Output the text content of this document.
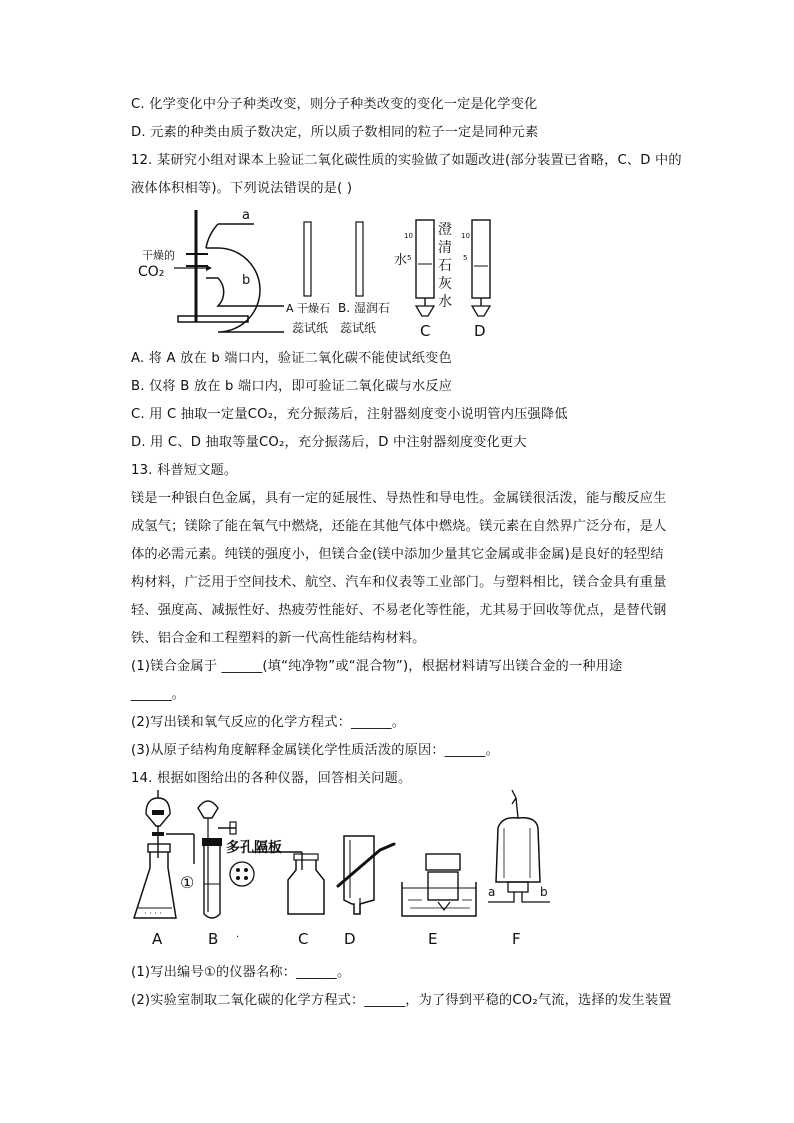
C. 化学变化中分子种类改变，则分子种类改变的变化一定是化学变化
D. 元素的种类由质子数决定，所以质子数相同的粒子一定是同种元素
12. 某研究小组对课本上验证二氧化碳性质的实验做了如题改进(部分装置已省略，C、D 中的
液体体积相等)。下列说法错误的是( )
干燥的
CO₂
a
b
A 干燥石
蕊试纸
B. 湿润石
蕊试纸
10
5
水
澄
清
石
灰
水
C
10
5
D
A. 将 A 放在 b 端口内，验证二氧化碳不能使试纸变色
B. 仅将 B 放在 b 端口内，即可验证二氧化碳与水反应
C. 用 C 抽取一定量CO₂，充分振荡后，注射器刻度变小说明管内压强降低
D. 用 C、D 抽取等量CO₂，充分振荡后，D 中注射器刻度变化更大
13. 科普短文题。
镁是一种银白色金属，具有一定的延展性、导热性和导电性。金属镁很活泼，能与酸反应生
成氢气；镁除了能在氧气中燃烧，还能在其他气体中燃烧。镁元素在自然界广泛分布，是人
体的必需元素。纯镁的强度小，但镁合金(镁中添加少量其它金属或非金属)是良好的轻型结
构材料，广泛用于空间技术、航空、汽车和仪表等工业部门。与塑料相比，镁合金具有重量
轻、强度高、减振性好、热疲劳性能好、不易老化等性能，尤其易于回收等优点，是替代钢
铁、铝合金和工程塑料的新一代高性能结构材料。
(1)镁合金属于 ______(填“纯净物”或“混合物”)，根据材料请写出镁合金的一种用途
______。
(2)写出镁和氧气反应的化学方程式：______。
(3)从原子结构角度解释金属镁化学性质活泼的原因：______。
14. 根据如图给出的各种仪器，回答相关问题。
· · · ·
多孔隔板
①	a	b
A	B ·	C D	E	F
(1)写出编号①的仪器名称：______。
(2)实验室制取二氧化碳的化学方程式：______，为了得到平稳的CO₂气流，选择的发生装置
